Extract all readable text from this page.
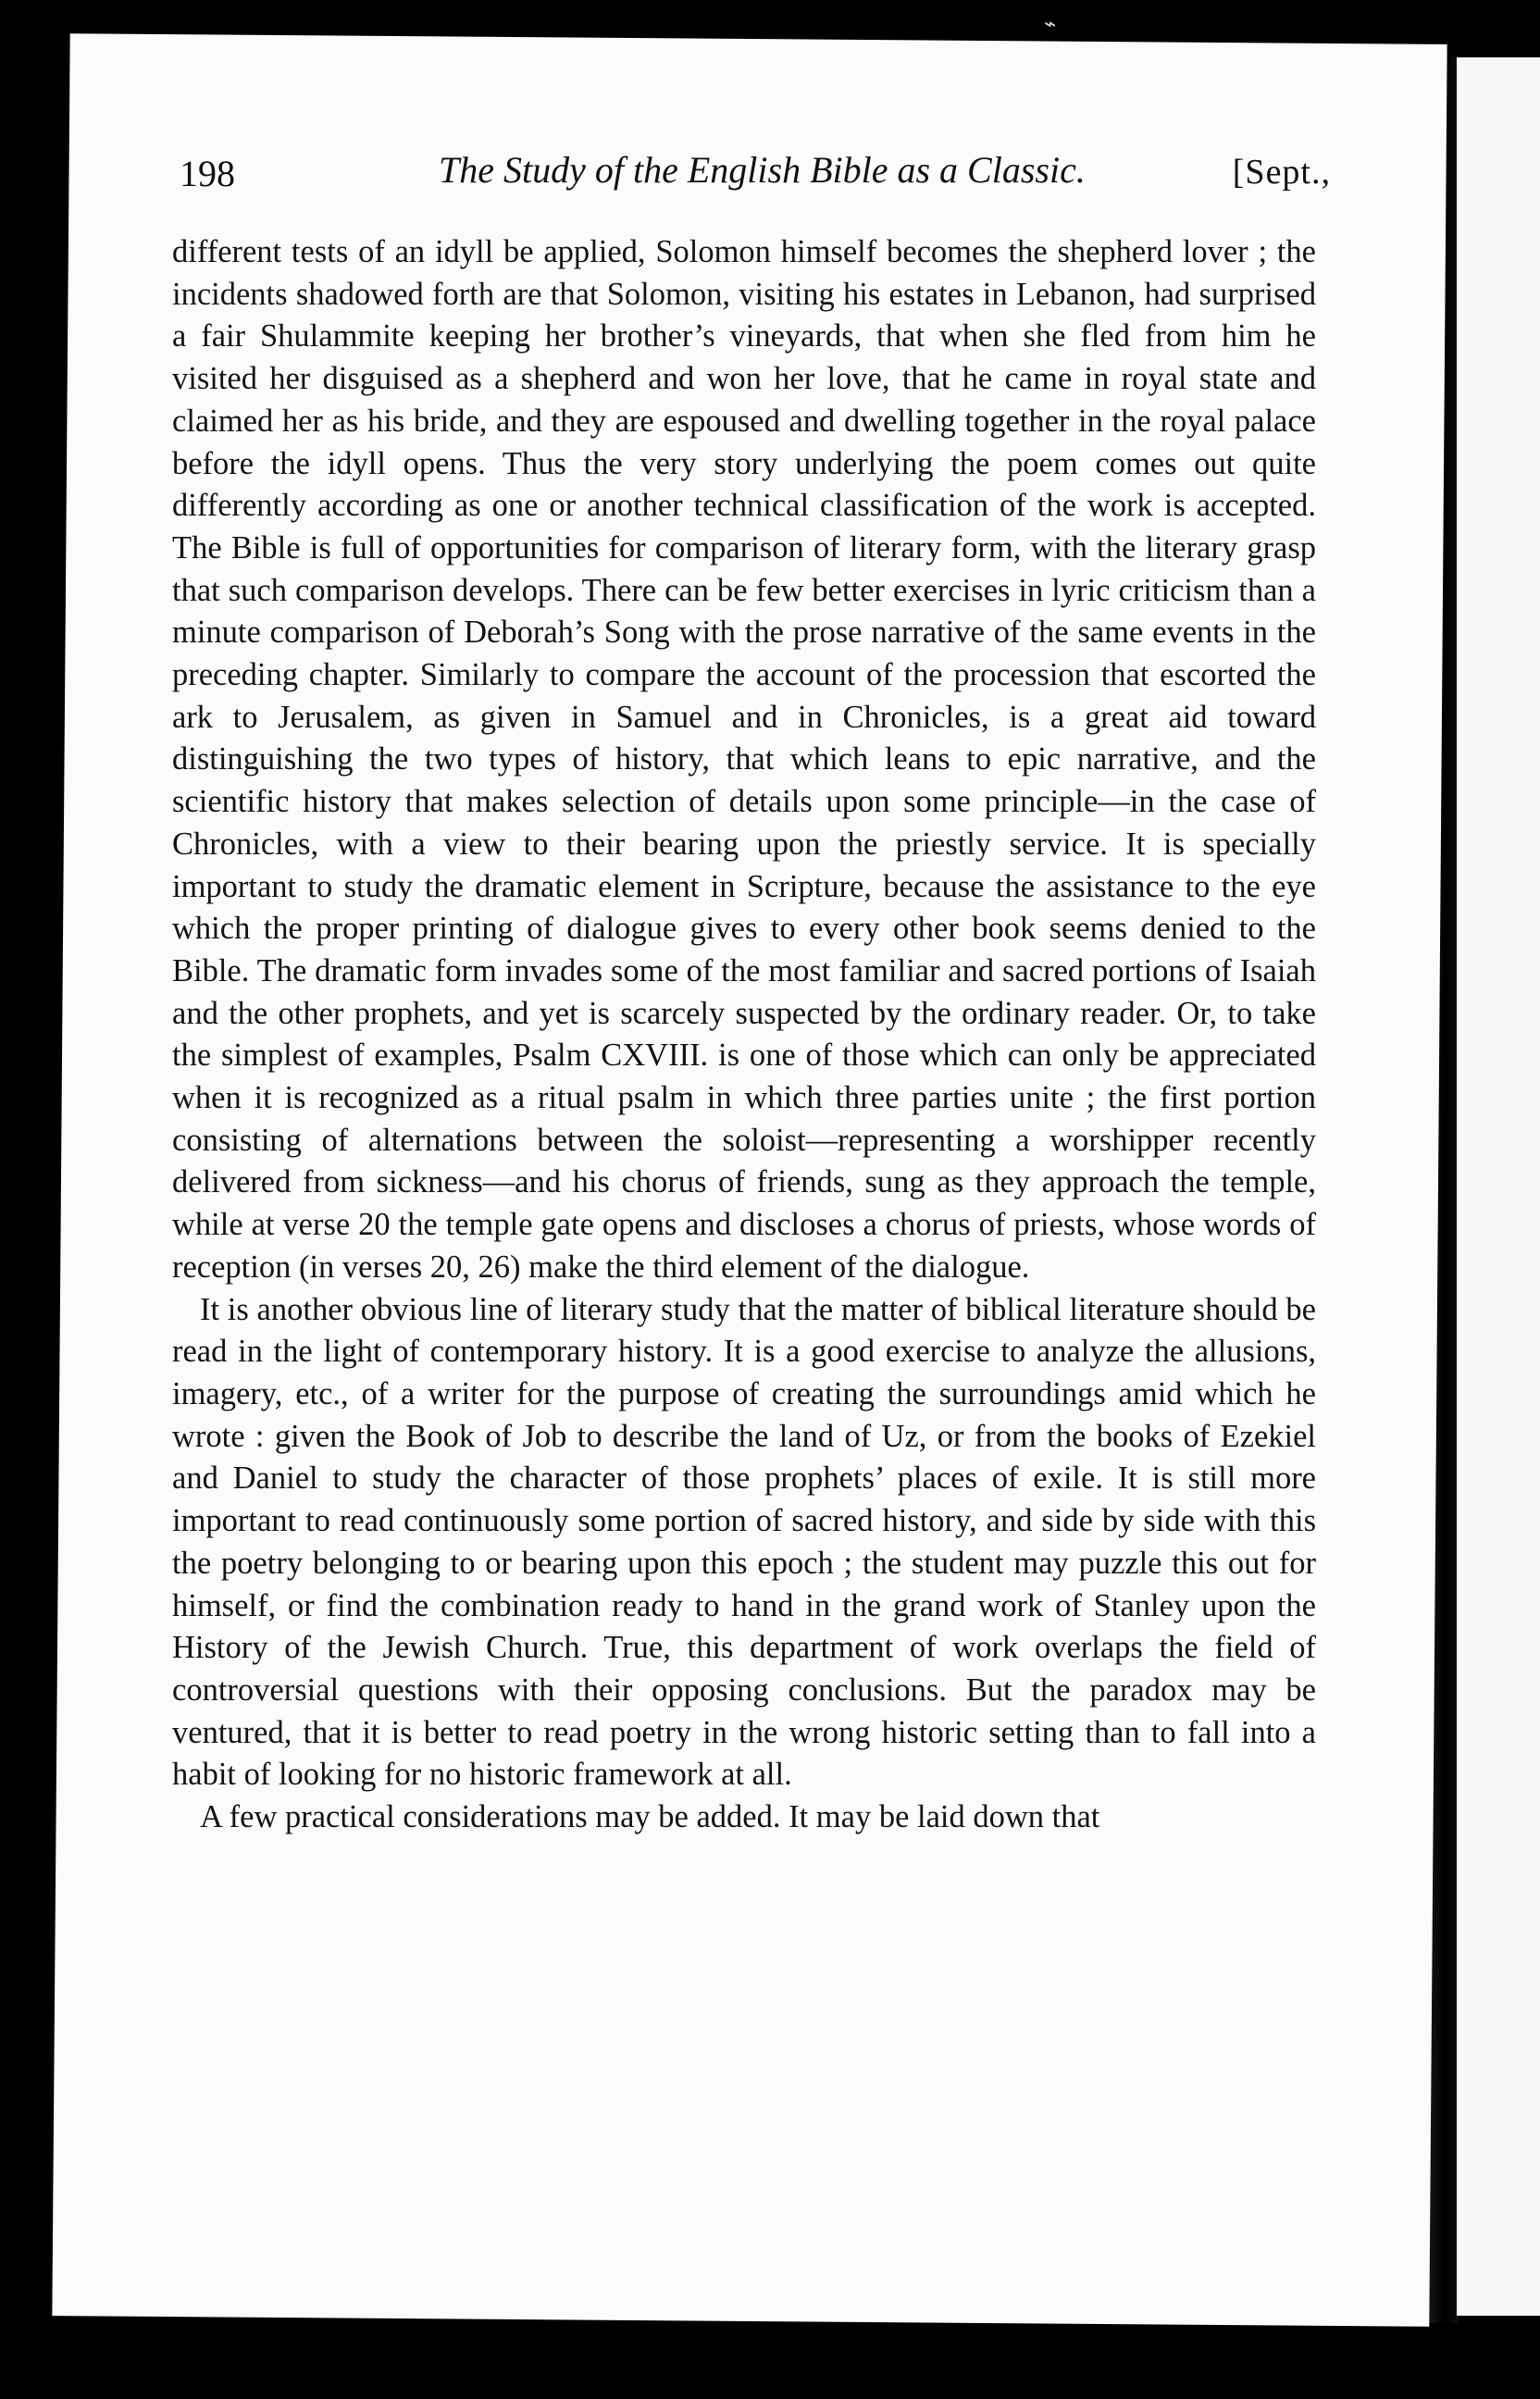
⌁
198	The Study of the English Bible as a Classic.	[Sept.,

different tests of an idyll be applied, Solomon himself becomes the shepherd lover ; the incidents shadowed forth are that Solomon, visiting his estates in Lebanon, had surprised a fair Shulammite keeping her brother’s vineyards, that when she fled from him he visited her disguised as a shepherd and won her love, that he came in royal state and claimed her as his bride, and they are espoused and dwelling together in the royal palace before the idyll opens. Thus the very story underlying the poem comes out quite differently according as one or another technical classification of the work is accepted. The Bible is full of opportunities for comparison of literary form, with the literary grasp that such comparison develops. There can be few better exercises in lyric criticism than a minute comparison of Deborah’s Song with the prose narrative of the same events in the preceding chapter. Similarly to compare the account of the procession that escorted the ark to Jerusalem, as given in Samuel and in Chronicles, is a great aid toward distinguishing the two types of history, that which leans to epic narrative, and the scientific history that makes selection of details upon some principle—in the case of Chronicles, with a view to their bearing upon the priestly service. It is specially important to study the dramatic element in Scripture, because the assistance to the eye which the proper printing of dialogue gives to every other book seems denied to the Bible. The dramatic form invades some of the most familiar and sacred portions of Isaiah and the other prophets, and yet is scarcely suspected by the ordinary reader. Or, to take the simplest of examples, Psalm CXVIII. is one of those which can only be appreciated when it is recognized as a ritual psalm in which three parties unite ; the first portion consisting of alternations between the soloist—representing a worshipper recently delivered from sickness—and his chorus of friends, sung as they approach the temple, while at verse 20 the temple gate opens and discloses a chorus of priests, whose words of reception (in verses 20, 26) make the third element of the dialogue.

It is another obvious line of literary study that the matter of biblical literature should be read in the light of contemporary history. It is a good exercise to analyze the allusions, imagery, etc., of a writer for the purpose of creating the surroundings amid which he wrote : given the Book of Job to describe the land of Uz, or from the books of Ezekiel and Daniel to study the character of those prophets’ places of exile. It is still more important to read continuously some portion of sacred history, and side by side with this the poetry belonging to or bearing upon this epoch ; the student may puzzle this out for himself, or find the combination ready to hand in the grand work of Stanley upon the History of the Jewish Church. True, this department of work overlaps the field of controversial questions with their opposing conclusions. But the paradox may be ventured, that it is better to read poetry in the wrong historic setting than to fall into a habit of looking for no historic framework at all.

A few practical considerations may be added. It may be laid down that
